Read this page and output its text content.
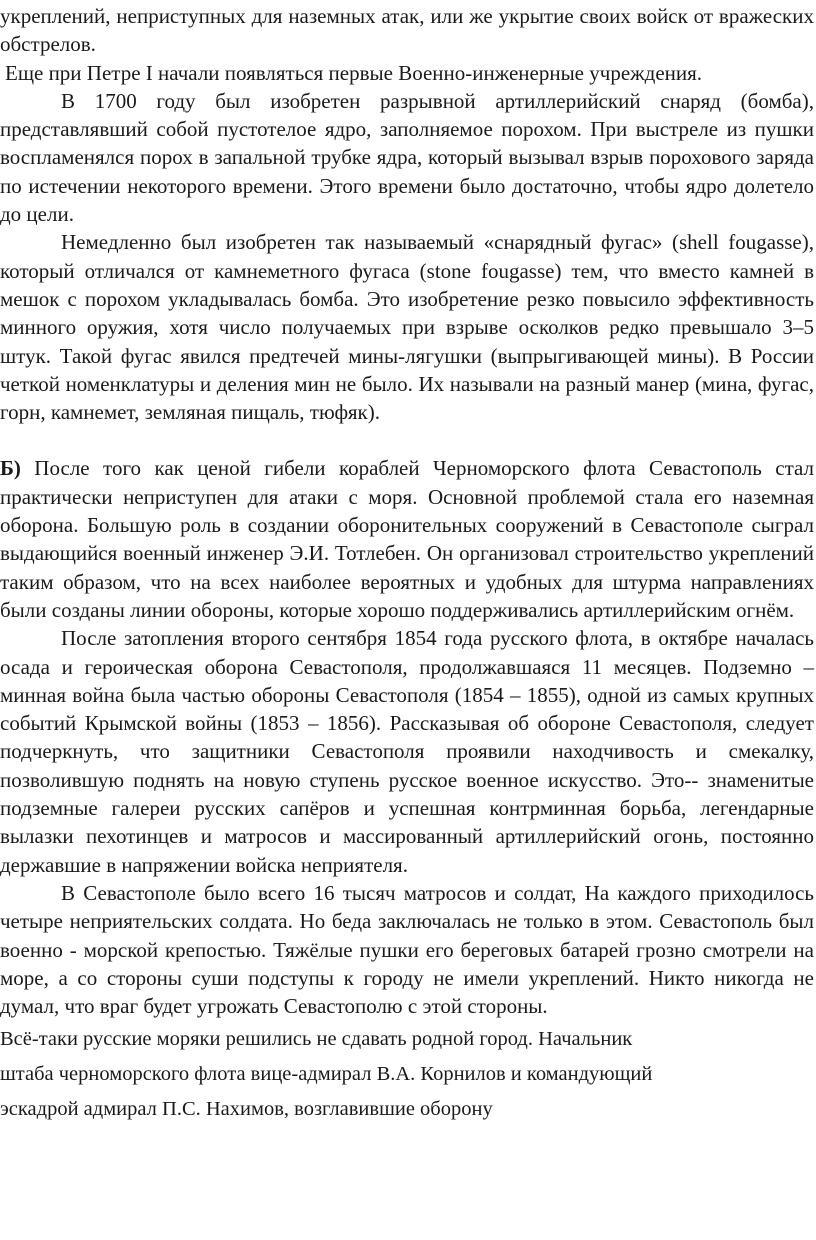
укреплений, неприступных для наземных атак, или же укрытие своих войск от вражеских обстрелов.

Еще при Петре I начали появляться первые Военно-инженерные учреждения.

В 1700 году был изобретен разрывной артиллерийский снаряд (бомба), представлявший собой пустотелое ядро, заполняемое порохом. При выстреле из пушки воспламенялся порох в запальной трубке ядра, который вызывал взрыв порохового заряда по истечении некоторого времени. Этого времени было достаточно, чтобы ядро долетело до цели.

Немедленно был изобретен так называемый «снарядный фугас» (shell fougasse), который отличался от камнеметного фугаса (stone fougasse) тем, что вместо камней в мешок с порохом укладывалась бомба. Это изобретение резко повысило эффективность минного оружия, хотя число получаемых при взрыве осколков редко превышало 3–5 штук. Такой фугас явился предтечей мины-лягушки (выпрыгивающей мины). В России четкой номенклатуры и деления мин не было. Их называли на разный манер (мина, фугас, горн, камнемет, земляная пищаль, тюфяк).

Б) После того как ценой гибели кораблей Черноморского флота Севастополь стал практически неприступен для атаки с моря. Основной проблемой стала его наземная оборона. Большую роль в создании оборонительных сооружений в Севастополе сыграл выдающийся военный инженер Э.И. Тотлебен. Он организовал строительство укреплений таким образом, что на всех наиболее вероятных и удобных для штурма направлениях были созданы линии обороны, которые хорошо поддерживались артиллерийским огнём.

После затопления второго сентября 1854 года русского флота, в октябре началась осада и героическая оборона Севастополя, продолжавшаяся 11 месяцев. Подземно – минная война была частью обороны Севастополя (1854 – 1855), одной из самых крупных событий Крымской войны (1853 – 1856). Рассказывая об обороне Севастополя, следует подчеркнуть, что защитники Севастополя проявили находчивость и смекалку, позволившую поднять на новую ступень русское военное искусство. Это-- знаменитые подземные галереи русских сапёров и успешная контрминная борьба, легендарные вылазки пехотинцев и матросов и массированный артиллерийский огонь, постоянно державшие в напряжении войска неприятеля.

В Севастополе было всего 16 тысяч матросов и солдат, На каждого приходилось четыре неприятельских солдата. Но беда заключалась не только в этом. Севастополь был военно - морской крепостью. Тяжёлые пушки его береговых батарей грозно смотрели на море, а со стороны суши подступы к городу не имели укреплений. Никто никогда не думал, что враг будет угрожать Севастополю с этой стороны.

Всё-таки русские моряки решились не сдавать родной город. Начальник

штаба черноморского флота вице-адмирал В.А. Корнилов и командующий

эскадрой адмирал П.С. Нахимов, возглавившие оборону
